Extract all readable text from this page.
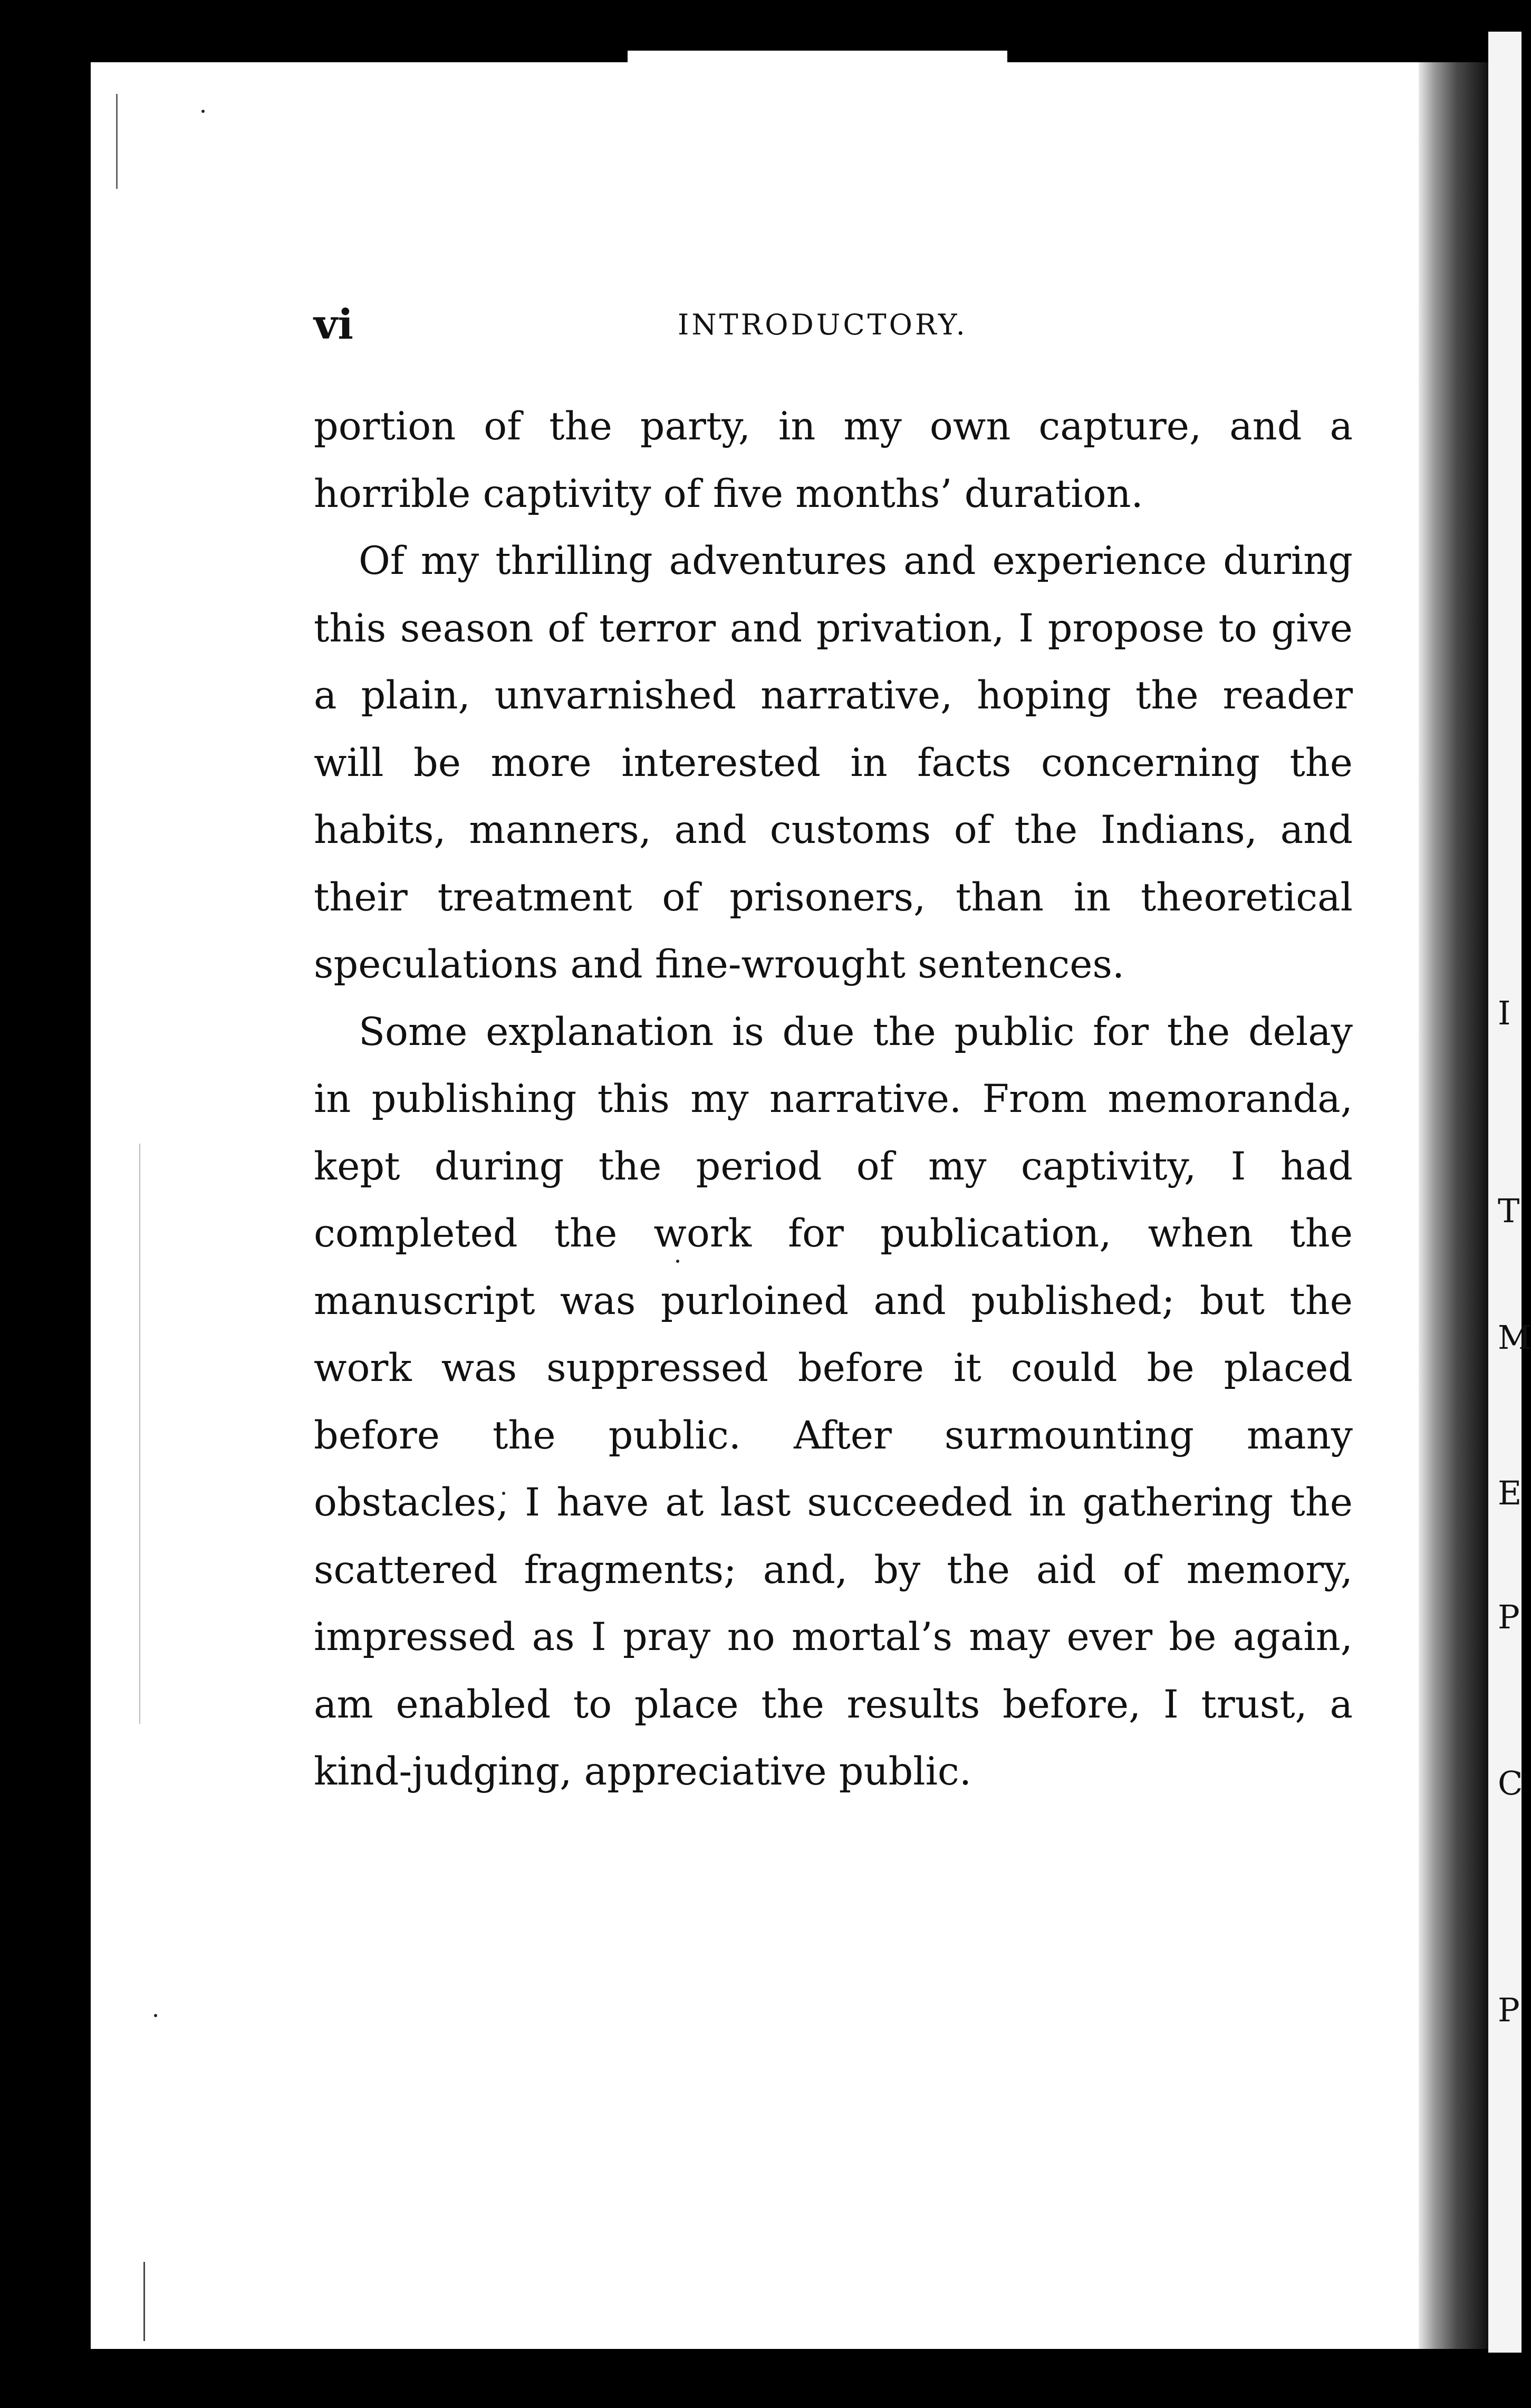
I
T
M
E
P
C
P
vi	INTRODUCTORY.

portion of the party, in my own capture, and a horrible captivity of five months’ duration.

Of my thrilling adventures and experience during this season of terror and privation, I propose to give a plain, unvarnished narrative, hoping the reader will be more interested in facts concerning the habits, manners, and customs of the Indians, and their treatment of prisoners, than in theoretical speculations and fine-wrought sentences.

Some explanation is due the public for the delay in publishing this my narrative. From memoranda, kept during the period of my captivity, I had completed the work for publication, when the manuscript was purloined and published; but the work was suppressed before it could be placed before the public. After surmounting many obstacles, I have at last succeeded in gathering the scattered fragments; and, by the aid of memory, impressed as I pray no mortal’s may ever be again, am enabled to place the results before, I trust, a kind-judging, appreciative public.
